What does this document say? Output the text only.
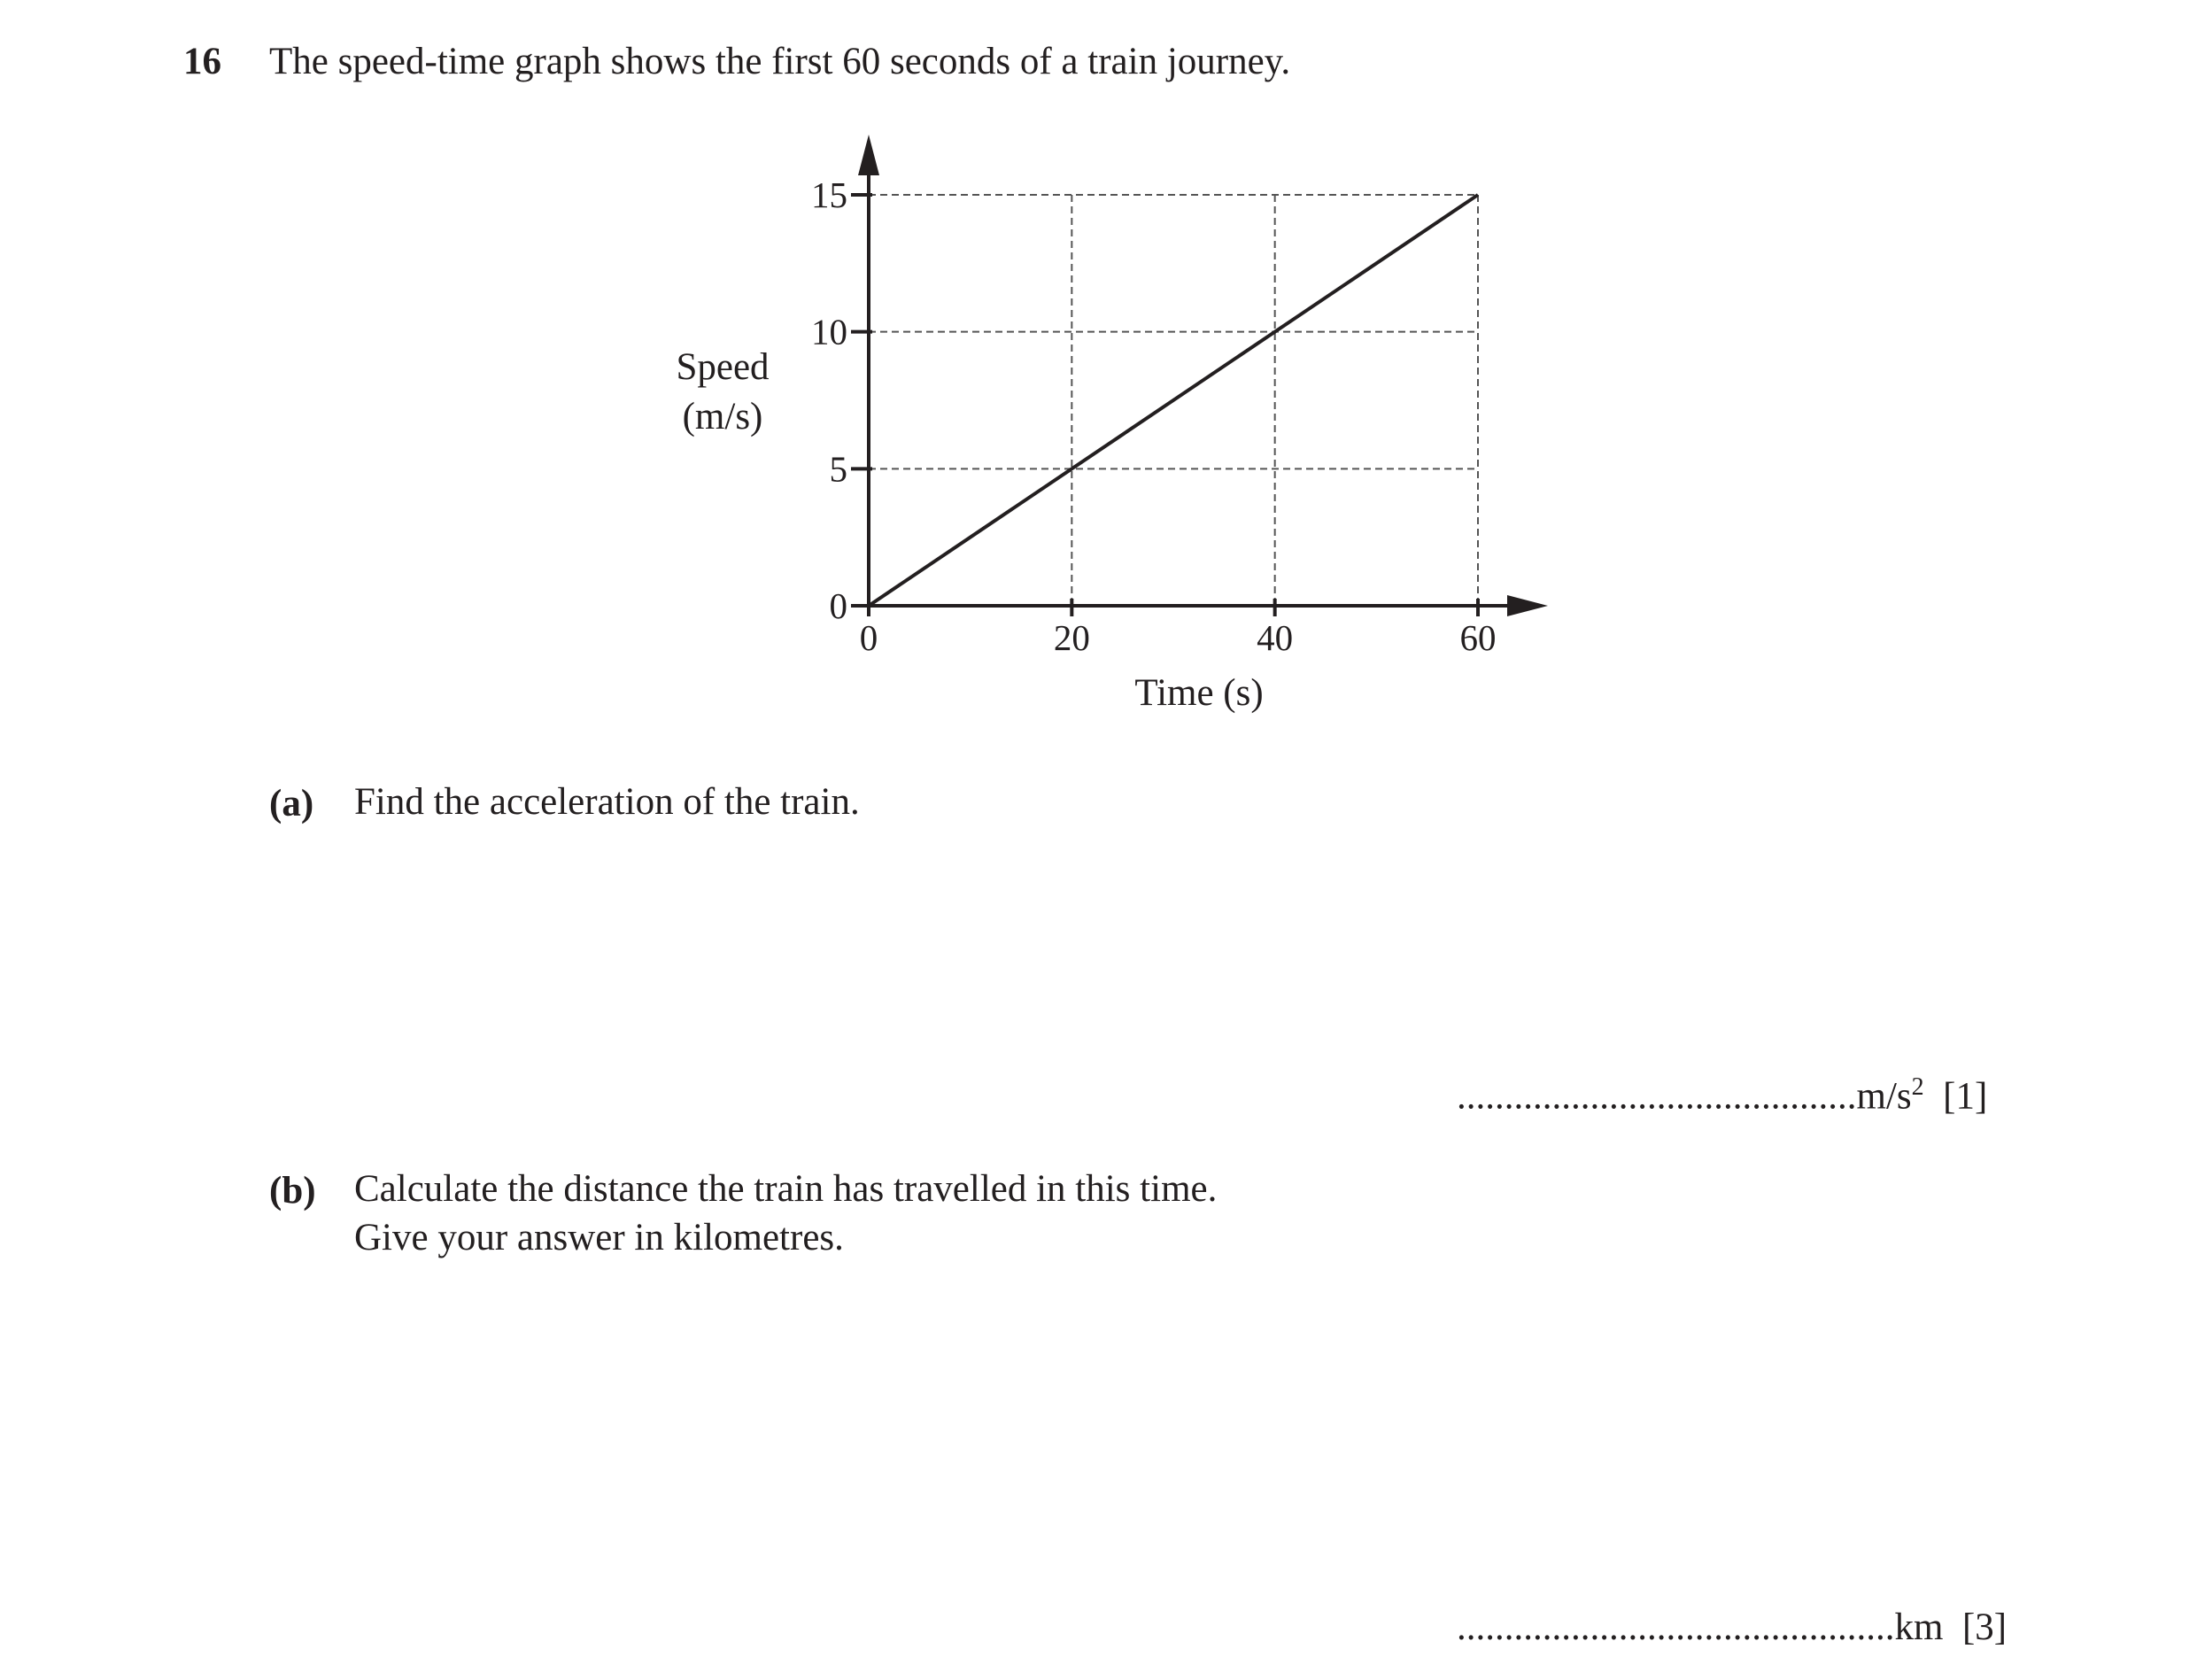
16 The speed-time graph shows the first 60 seconds of a train journey.
0
5
10
15
0	20	40	60
Time (s)
Speed
(m/s)
(a) Find the acceleration of the train.
$..........................................m/s^2$ [1]
(b) Calculate the distance the train has travelled in this time.
Give your answer in kilometres.
..............................................km [3]
